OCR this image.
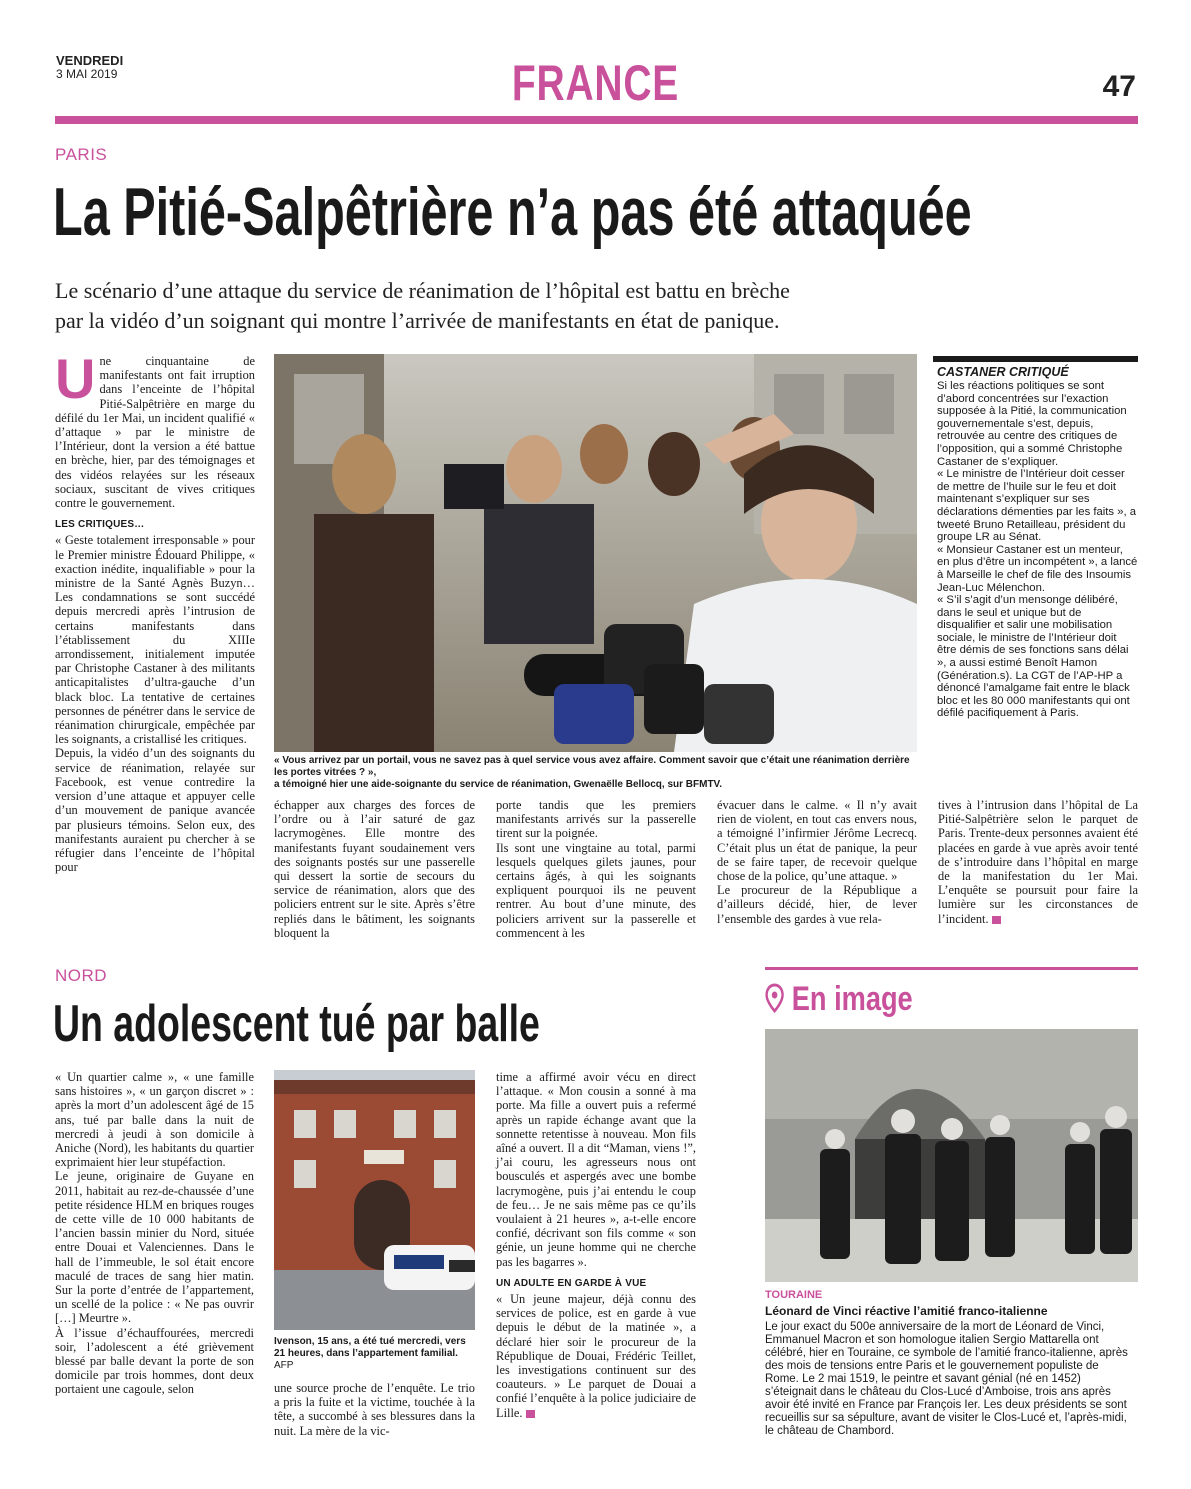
VENDREDI
3 MAI 2019	FRANCE	47
PARIS
La Pitié-Salpêtrière n’a pas été attaquée
Le scénario d’une attaque du service de réanimation de l’hôpital est battu en brèche
par la vidéo d’un soignant qui montre l’arrivée de manifestants en état de panique.
U ne cinquantaine de manifestants ont fait irruption dans l’enceinte de l’hôpital Pitié-Salpêtrière en marge du défilé du 1er Mai, un incident qualifié « d’attaque » par le ministre de l’Intérieur, dont la version a été battue en brèche, hier, par des témoignages et des vidéos relayées sur les réseaux sociaux, suscitant de vives critiques contre le gouvernement.

LES CRITIQUES…

« Geste totalement irresponsable » pour le Premier ministre Édouard Philippe, « exaction inédite, inqualifiable » pour la ministre de la Santé Agnès Buzyn… Les condamnations se sont succédé depuis mercredi après l’intrusion de certains manifestants dans l’établissement du XIIIe arrondissement, initialement imputée par Christophe Castaner à des militants anticapitalistes d’ultra-gauche d’un black bloc. La tentative de certaines personnes de pénétrer dans le service de réanimation chirurgicale, empêchée par les soignants, a cristallisé les critiques.

Depuis, la vidéo d’un des soignants du service de réanimation, relayée sur Facebook, est venue contredire la version d’une attaque et appuyer celle d’un mouvement de panique avancée par plusieurs témoins. Selon eux, des manifestants auraient pu chercher à se réfugier dans l’enceinte de l’hôpital pour

« Vous arrivez par un portail, vous ne savez pas à quel service vous avez affaire. Comment savoir que c’était une réanimation derrière les portes vitrées ? »,
a témoigné hier une aide-soignante du service de réanimation, Gwenaëlle Bellocq, sur BFMTV.

échapper aux charges des forces de l’ordre ou à l’air saturé de gaz lacrymogènes. Elle montre des manifestants fuyant soudainement vers des soignants postés sur une passerelle qui dessert la sortie de secours du service de réanimation, alors que des policiers entrent sur le site. Après s’être repliés dans le bâtiment, les soignants bloquent la

porte tandis que les premiers manifestants arrivés sur la passerelle tirent sur la poignée.

Ils sont une vingtaine au total, parmi lesquels quelques gilets jaunes, pour certains âgés, à qui les soignants expliquent pourquoi ils ne peuvent rentrer. Au bout d’une minute, des policiers arrivent sur la passerelle et commencent à les

évacuer dans le calme. « Il n’y avait rien de violent, en tout cas envers nous, a témoigné l’infirmier Jérôme Lecrecq. C’était plus un état de panique, la peur de se faire taper, de recevoir quelque chose de la police, qu’une attaque. »

Le procureur de la République a d’ailleurs décidé, hier, de lever l’ensemble des gardes à vue rela-

tives à l’intrusion dans l’hôpital de La Pitié-Salpêtrière selon le parquet de Paris. Trente-deux personnes avaient été placées en garde à vue après avoir tenté de s’introduire dans l’hôpital en marge de la manifestation du 1er Mai. L’enquête se poursuit pour faire la lumière sur les circonstances de l’incident.

CASTANER CRITIQUÉ

Si les réactions politiques se sont d’abord concentrées sur l’exaction supposée à la Pitié, la communication gouvernementale s’est, depuis, retrouvée au centre des critiques de l’opposition, qui a sommé Christophe Castaner de s’expliquer.

« Le ministre de l’Intérieur doit cesser de mettre de l’huile sur le feu et doit maintenant s’expliquer sur ses déclarations démenties par les faits », a tweeté Bruno Retailleau, président du groupe LR au Sénat.

« Monsieur Castaner est un menteur, en plus d’être un incompétent », a lancé à Marseille le chef de file des Insoumis Jean-Luc Mélenchon.

« S’il s’agit d’un mensonge délibéré, dans le seul et unique but de disqualifier et salir une mobilisation sociale, le ministre de l’Intérieur doit être démis de ses fonctions sans délai », a aussi estimé Benoît Hamon (Génération.s). La CGT de l’AP-HP a dénoncé l’amalgame fait entre le black bloc et les 80 000 manifestants qui ont défilé pacifiquement à Paris.

NORD
Un adolescent tué par balle

« Un quartier calme », « une famille sans histoires », « un garçon discret » : après la mort d’un adolescent âgé de 15 ans, tué par balle dans la nuit de mercredi à jeudi à son domicile à Aniche (Nord), les habitants du quartier exprimaient hier leur stupéfaction.

Le jeune, originaire de Guyane en 2011, habitait au rez-de-chaussée d’une petite résidence HLM en briques rouges de cette ville de 10 000 habitants de l’ancien bassin minier du Nord, située entre Douai et Valenciennes. Dans le hall de l’immeuble, le sol était encore maculé de traces de sang hier matin. Sur la porte d’entrée de l’appartement, un scellé de la police : « Ne pas ouvrir […] Meurtre ».

À l’issue d’échauffourées, mercredi soir, l’adolescent a été grièvement blessé par balle devant la porte de son domicile par trois hommes, dont deux portaient une cagoule, selon

Ivenson, 15 ans, a été tué mercredi, vers 21 heures, dans l’appartement familial. AFP

une source proche de l’enquête. Le trio a pris la fuite et la victime, touchée à la tête, a succombé à ses blessures dans la nuit. La mère de la vic-

time a affirmé avoir vécu en direct l’attaque. « Mon cousin a sonné à ma porte. Ma fille a ouvert puis a refermé après un rapide échange avant que la sonnette retentisse à nouveau. Mon fils aîné a ouvert. Il a dit “Maman, viens !”, j’ai couru, les agresseurs nous ont bousculés et aspergés avec une bombe lacrymogène, puis j’ai entendu le coup de feu… Je ne sais même pas ce qu’ils voulaient à 21 heures », a-t-elle encore confié, décrivant son fils comme « son génie, un jeune homme qui ne cherche pas les bagarres ».

UN ADULTE EN GARDE À VUE

« Un jeune majeur, déjà connu des services de police, est en garde à vue depuis le début de la matinée », a déclaré hier soir le procureur de la République de Douai, Frédéric Teillet, les investigations continuent sur des coauteurs. » Le parquet de Douai a confié l’enquête à la police judiciaire de Lille.

En image
TOURAINE
Léonard de Vinci réactive l’amitié franco-italienne
Le jour exact du 500e anniversaire de la mort de Léonard de Vinci, Emmanuel Macron et son homologue italien Sergio Mattarella ont célébré, hier en Touraine, ce symbole de l’amitié franco-italienne, après des mois de tensions entre Paris et le gouvernement populiste de Rome. Le 2 mai 1519, le peintre et savant génial (né en 1452) s’éteignait dans le château du Clos-Lucé d’Amboise, trois ans après avoir été invité en France par François Ier. Les deux présidents se sont recueillis sur sa sépulture, avant de visiter le Clos-Lucé et, l’après-midi, le château de Chambord.
